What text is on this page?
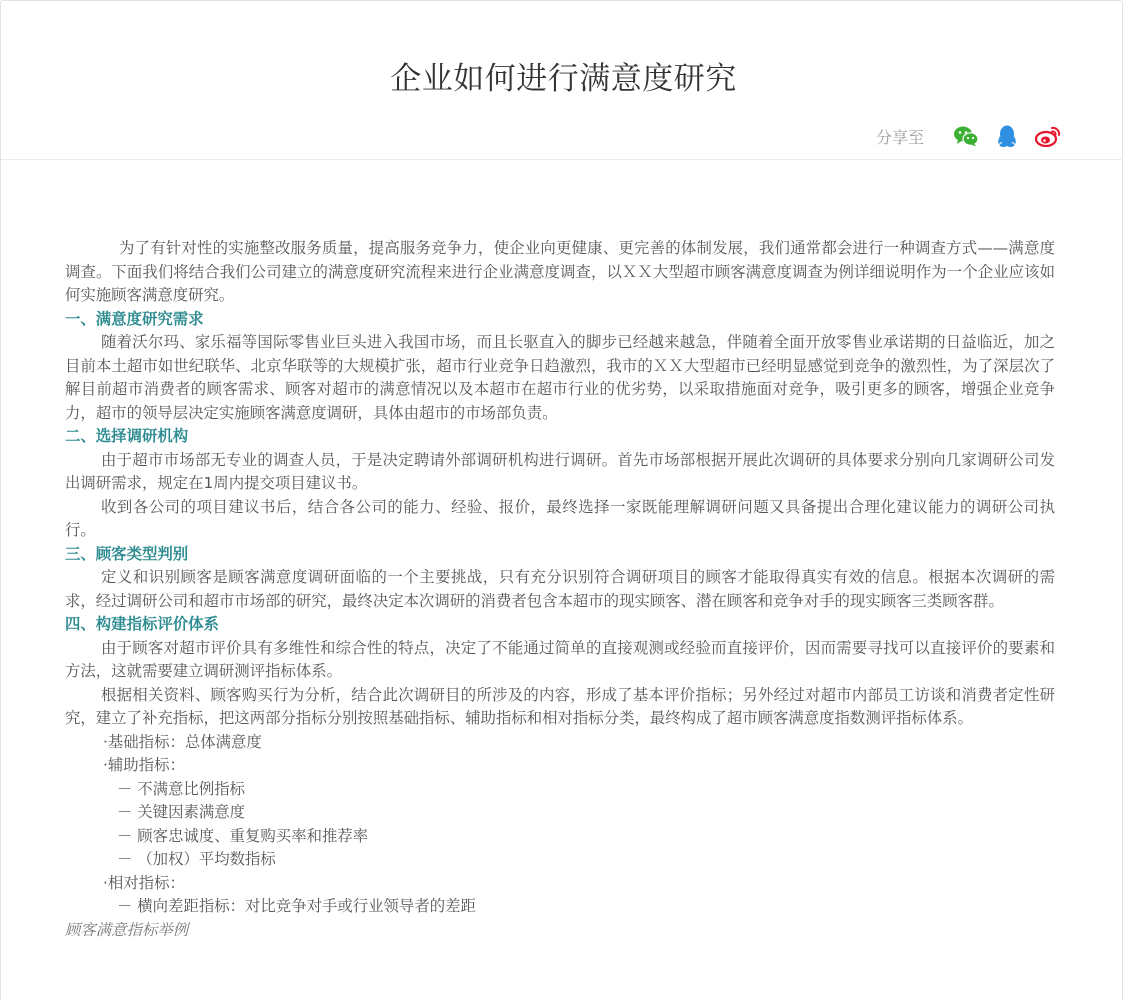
企业如何进行满意度研究
分享至

为了有针对性的实施整改服务质量，提高服务竞争力，使企业向更健康、更完善的体制发展，我们通常都会进行一种调查方式——满意度调查。下面我们将结合我们公司建立的满意度研究流程来进行企业满意度调查，以ＸＸ大型超市顾客满意度调查为例详细说明作为一个企业应该如何实施顾客满意度研究。

一、满意度研究需求

随着沃尔玛、家乐福等国际零售业巨头进入我国市场，而且长驱直入的脚步已经越来越急，伴随着全面开放零售业承诺期的日益临近，加之目前本土超市如世纪联华、北京华联等的大规模扩张，超市行业竞争日趋激烈，我市的ＸＸ大型超市已经明显感觉到竞争的激烈性，为了深层次了解目前超市消费者的顾客需求、顾客对超市的满意情况以及本超市在超市行业的优劣势，以采取措施面对竞争，吸引更多的顾客，增强企业竞争力，超市的领导层决定实施顾客满意度调研，具体由超市的市场部负责。

二、选择调研机构

由于超市市场部无专业的调查人员，于是决定聘请外部调研机构进行调研。首先市场部根据开展此次调研的具体要求分别向几家调研公司发出调研需求，规定在1周内提交项目建议书。

收到各公司的项目建议书后，结合各公司的能力、经验、报价，最终选择一家既能理解调研问题又具备提出合理化建议能力的调研公司执行。

三、顾客类型判别

定义和识别顾客是顾客满意度调研面临的一个主要挑战，只有充分识别符合调研项目的顾客才能取得真实有效的信息。根据本次调研的需求，经过调研公司和超市市场部的研究，最终决定本次调研的消费者包含本超市的现实顾客、潜在顾客和竞争对手的现实顾客三类顾客群。

四、构建指标评价体系

由于顾客对超市评价具有多维性和综合性的特点，决定了不能通过简单的直接观测或经验而直接评价，因而需要寻找可以直接评价的要素和方法，这就需要建立调研测评指标体系。

根据相关资料、顾客购买行为分析，结合此次调研目的所涉及的内容，形成了基本评价指标；另外经过对超市内部员工访谈和消费者定性研究，建立了补充指标，把这两部分指标分别按照基础指标、辅助指标和相对指标分类，最终构成了超市顾客满意度指数测评指标体系。

·基础指标：总体满意度

·辅助指标：

－ 不满意比例指标

－ 关键因素满意度

－ 顾客忠诚度、重复购买率和推荐率

－ （加权）平均数指标

·相对指标：

－ 横向差距指标：对比竞争对手或行业领导者的差距

顾客满意指标举例
